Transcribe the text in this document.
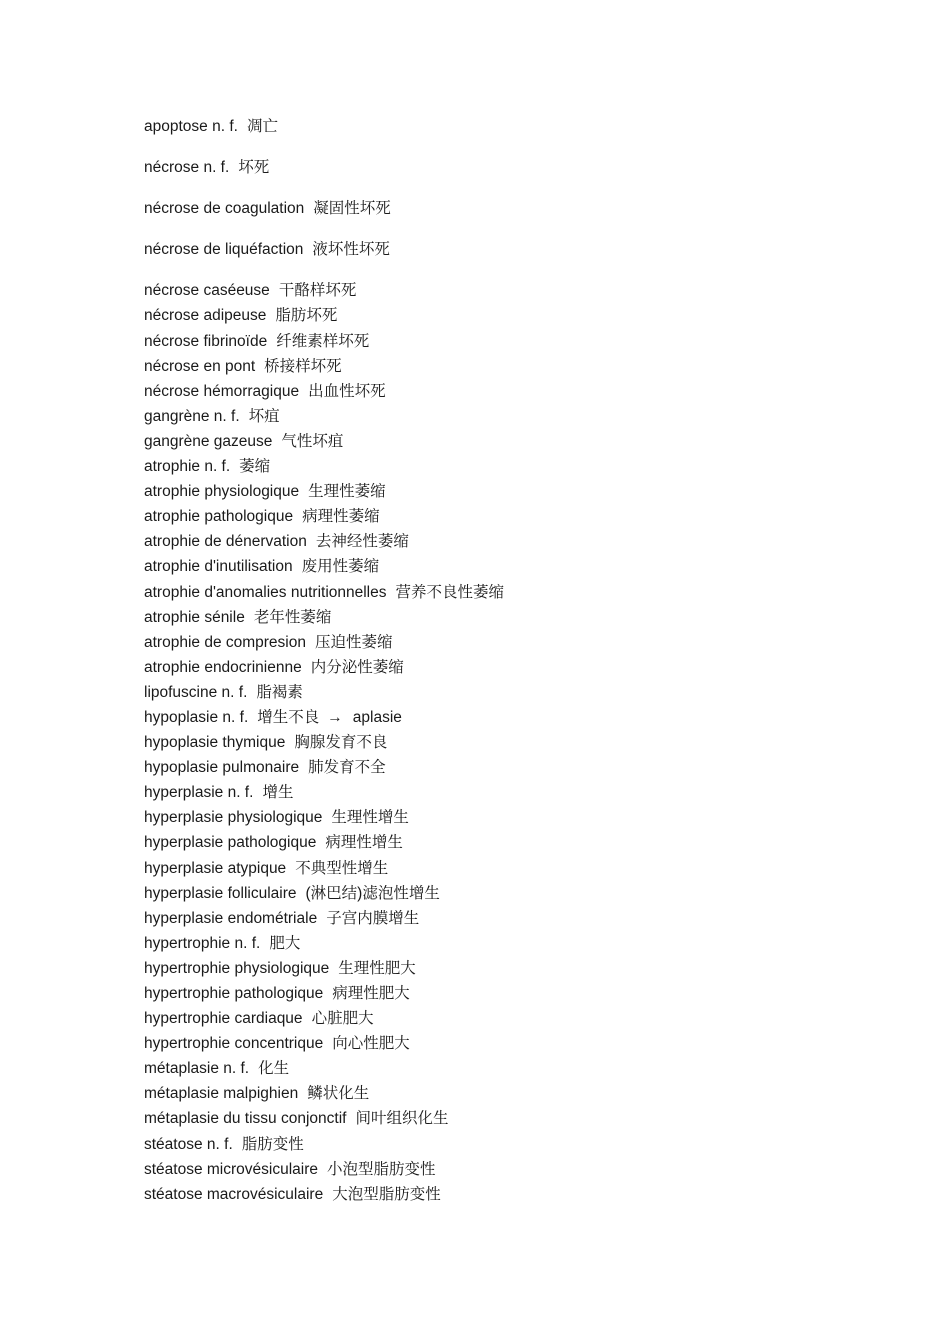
apoptose n. f. 凋亡
nécrose n. f. 坏死
nécrose de coagulation 凝固性坏死
nécrose de liquéfaction 液坏性坏死
nécrose caséeuse 干酪样坏死
nécrose adipeuse 脂肪坏死
nécrose fibrinoïde 纤维素样坏死
nécrose en pont 桥接样坏死
nécrose hémorragique 出血性坏死
gangrène n. f. 坏疽
gangrène gazeuse 气性坏疽
atrophie n. f. 萎缩
atrophie physiologique 生理性萎缩
atrophie pathologique 病理性萎缩
atrophie de dénervation 去神经性萎缩
atrophie d'inutilisation 废用性萎缩
atrophie d'anomalies nutritionnelles 营养不良性萎缩
atrophie sénile 老年性萎缩
atrophie de compresion 压迫性萎缩
atrophie endocrinienne 内分泌性萎缩
lipofuscine n. f. 脂褐素
hypoplasie n. f. 增生不良 → aplasie
hypoplasie thymique 胸腺发育不良
hypoplasie pulmonaire 肺发育不全
hyperplasie n. f. 增生
hyperplasie physiologique 生理性增生
hyperplasie pathologique 病理性增生
hyperplasie atypique 不典型性增生
hyperplasie folliculaire (淋巴结)滤泡性增生
hyperplasie endométriale 子宫内膜增生
hypertrophie n. f. 肥大
hypertrophie physiologique 生理性肥大
hypertrophie pathologique 病理性肥大
hypertrophie cardiaque 心脏肥大
hypertrophie concentrique 向心性肥大
métaplasie n. f. 化生
métaplasie malpighien 鳞状化生
métaplasie du tissu conjonctif 间叶组织化生
stéatose n. f. 脂肪变性
stéatose microvésiculaire 小泡型脂肪变性
stéatose macrovésiculaire 大泡型脂肪变性
